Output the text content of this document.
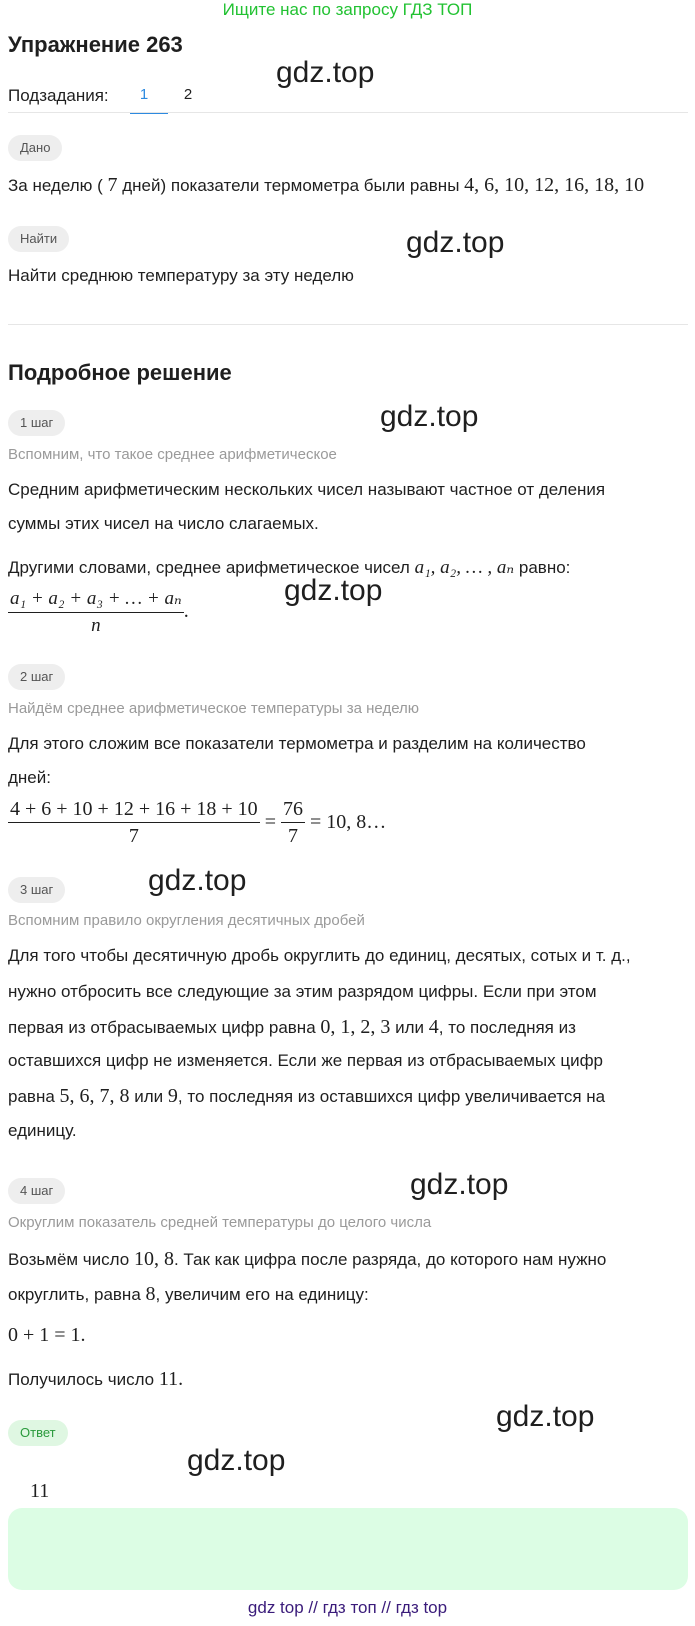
Ищите нас по запросу ГДЗ ТОП
Упражнение 263
Подзадания:	1	2
gdz.top
gdz.top
gdz.top
gdz.top
gdz.top
gdz.top
gdz.top
Дано
За неделю ( 7 дней) показатели термометра были равны 4, 6, 10, 12, 16, 18, 10
Найти
Найти среднюю температуру за эту неделю
Подробное решение
1 шаг
Вспомним, что такое среднее арифметическое
Средним арифметическим нескольких чисел называют частное от деления
суммы этих чисел на число слагаемых.
Другими словами, среднее арифметическое чисел a₁, a₂, … , aₙ равно:
$\frac{\text{a₁ + a₂ + a₃ + … + aₙ}}{n}$ .
2 шаг
Найдём среднее арифметическое температуры за неделю
Для этого сложим все показатели термометра и разделим на количество
дней:
$\frac{4 + 6 + 10 + 12 + 16 + 18 + 10}{7} = \frac{76}{7} = 10$, 8…
3 шаг
Вспомним правило округления десятичных дробей
Для того чтобы десятичную дробь округлить до единиц, десятых, сотых и т. д.,
нужно отбросить все следующие за этим разрядом цифры. Если при этом
первая из отбрасываемых цифр равна 0, 1, 2, 3 или 4, то последняя из
оставшихся цифр не изменяется. Если же первая из отбрасываемых цифр
равна 5, 6, 7, 8 или 9, то последняя из оставшихся цифр увеличивается на
единицу.
4 шаг
Округлим показатель средней температуры до целого числа
Возьмём число 10, 8. Так как цифра после разряда, до которого нам нужно
округлить, равна 8, увеличим его на единицу:
0 + 1 = 1.
Получилось число 11.
Ответ
11
gdz.top
gdz top // гдз топ // гдз top
